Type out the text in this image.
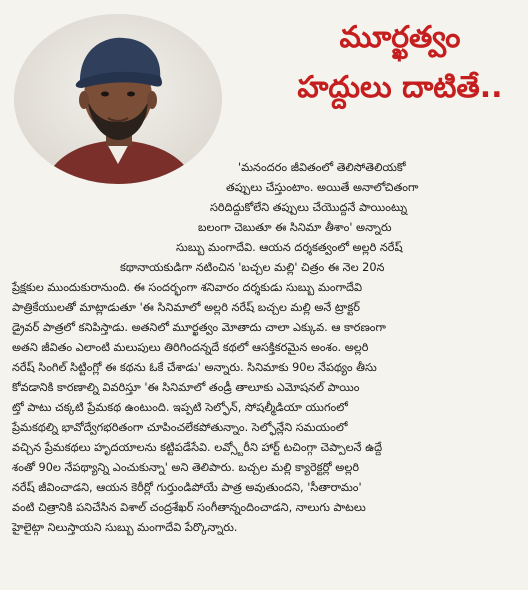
మూర్ఖత్వం
హద్దులు దాటితే..
'మనందరం జీవితంలో తెలిసోతెలియకో
తప్పులు చేస్తుంటాం. అయితే అనాలోచితంగా
సరిదిద్దుకోలేని తప్పులు చేయొద్దనే పాయింట్ను
బలంగా చెబుతూ ఈ సినిమా తీశాం' అన్నారు
సుబ్బు మంగాదేవి. ఆయన దర్శకత్వంలో అల్లరి నరేష్
కథానాయకుడిగా నటించిన 'బచ్చల మల్లి' చిత్రం ఈ నెల 20న
ప్రేక్షకుల ముందుకురానుంది. ఈ సందర్భంగా శనివారం దర్శకుడు సుబ్బు మంగాదేవి
పాత్రికేయులతో మాట్లాడుతూ 'ఈ సినిమాలో అల్లరి నరేష్ బచ్చల మల్లి అనే ట్రాక్టర్
డ్రైవర్ పాత్రలో కనిపిస్తాడు. అతనిలో మూర్ఖత్వం మోతాదు చాలా ఎక్కువ. ఆ కారణంగా
అతని జీవితం ఎలాంటి మలుపులు తిరిగిందన్నదే కథలో ఆసక్తికరమైన అంశం. అల్లరి
నరేష్ సింగిల్ సిట్టింగ్లో ఈ కథను ఓకే చేశాడు' అన్నారు. సినిమాకు 90ల నేపథ్యం తీసు
కోవడానికి కారణాల్ని వివరిస్తూ 'ఈ సినిమాలో తండ్రీ తాలూకు ఎమోషనల్ పాయిం
ట్తో పాటు చక్కటి ప్రేమకథ ఉంటుంది. ఇప్పటి సెల్ఫోన్, సోషల్మీడియా యుగంలో
ప్రేమకథల్ని భావోద్వేగభరితంగా చూపించలేకపోతున్నాం. సెల్ఫోన్లేని సమయంలో
వచ్చిన ప్రేమకథలు హృదయాలను కట్టిపడేసేవి. లవ్స్టోరీని హార్ట్ టచింగ్గా చెప్పాలనే ఉద్దే
శంతో 90ల నేపథ్యాన్ని ఎంచుకున్నా' అని తెలిపారు. బచ్చల మల్లి క్యారెక్టర్లో అల్లరి
నరేష్ జీవించాడని, ఆయన కెరీర్లో గుర్తుండిపోయే పాత్ర అవుతుందని, 'సీతారామం'
వంటి చిత్రానికి పనిచేసిన విశాల్ చంద్రశేఖర్ సంగీతాన్నందించాడని, నాలుగు పాటలు
హైలైట్గా నిలుస్తాయని సుబ్బు మంగాదేవి పేర్కొన్నారు.
